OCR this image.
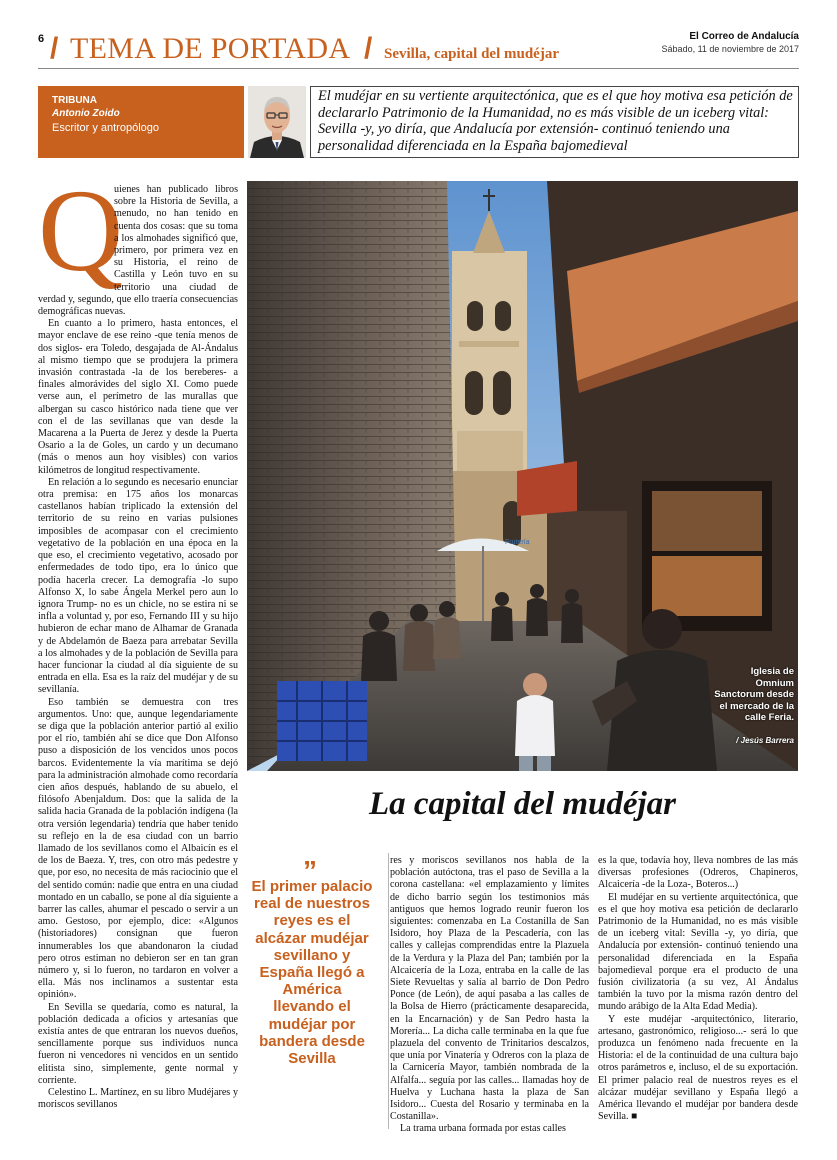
6 / TEMA DE PORTADA / Sevilla, capital del mudéjar
El Correo de Andalucía
Sábado, 11 de noviembre de 2017
TRIBUNA
Antonio Zoido
Escritor y antropólogo
El mudéjar en su vertiente arquitectónica, que es el que hoy motiva esa petición de declararlo Patrimonio de la Humanidad, no es más visible de un iceberg vital: Sevilla -y, yo diría, que Andalucía por extensión- continuó teniendo una personalidad diferenciada en la España bajomedieval
Q

uienes han publicado libros sobre la Historia de Sevilla, a menudo, no han tenido en cuenta dos cosas: que su toma a los almohades significó que, primero, por primera vez en su Historia, el reino de Castilla y León tuvo en su territorio una ciudad de verdad y, segundo, que ello traería consecuencias demográficas nuevas.

En cuanto a lo primero, hasta entonces, el mayor enclave de ese reino -que tenía menos de dos siglos- era Toledo, desgajada de Al-Ándalus al mismo tiempo que se produjera la primera invasión contrastada -la de los bereberes- a finales almorávides del siglo XI. Como puede verse aun, el perímetro de las murallas que albergan su casco histórico nada tiene que ver con el de las sevillanas que van desde la Macarena a la Puerta de Jerez y desde la Puerta Osario a la de Goles, un cardo y un decumano (más o menos aun hoy visibles) con varios kilómetros de longitud respectivamente.

En relación a lo segundo es necesario enunciar otra premisa: en 175 años los monarcas castellanos habían triplicado la extensión del territorio de su reino en varias pulsiones imposibles de acompasar con el crecimiento vegetativo de la población en una época en la que eso, el crecimiento vegetativo, acosado por enfermedades de todo tipo, era lo único que podía hacerla crecer. La demografía -lo supo Alfonso X, lo sabe Ángela Merkel pero aun lo ignora Trump- no es un chicle, no se estira ni se infla a voluntad y, por eso, Fernando III y su hijo hubieron de echar mano de Alhamar de Granada y de Abdelamón de Baeza para arrebatar Sevilla a los almohades y de la población de Sevilla para hacer funcionar la ciudad al día siguiente de su entrada en ella. Esa es la raíz del mudéjar y de su sevillanía.

Eso también se demuestra con tres argumentos. Uno: que, aunque legendariamente se diga que la población anterior partió al exilio por el río, también ahí se dice que Don Alfonso puso a disposición de los vencidos unos pocos barcos. Evidentemente la vía marítima se dejó para la administración almohade como recordaría cien años después, hablando de su abuelo, el filósofo Abenjaldum. Dos: que la salida de la salida hacia Granada de la población indígena (la otra versión legendaria) tendría que haber tenido su reflejo en la de esa ciudad con un barrio llamado de los sevillanos como el Albaicín es el de los de Baeza. Y, tres, con otro más pedestre y que, por eso, no necesita de más raciocinio que el del sentido común: nadie que entra en una ciudad montado en un caballo, se pone al día siguiente a barrer las calles, ahumar el pescado o servir a un amo. Gestoso, por ejemplo, dice: «Algunos (historiadores) consignan que fueron innumerables los que abandonaron la ciudad pero otros estiman no debieron ser en tan gran número y, si lo fueron, no tardaron en volver a ella. Más nos inclinamos a sustentar esta opinión».

En Sevilla se quedaría, como es natural, la población dedicada a oficios y artesanías que existía antes de que entraran los nuevos dueños, sencillamente porque sus individuos nunca fueron ni vencedores ni vencidos en un sentido elitista sino, simplemente, gente normal y corriente.

Celestino L. Martínez, en su libro Mudéjares y moriscos sevillanos

Frutería
Iglesia de Omnium Sanctorum desde el mercado de la calle Feria.
/ Jesús Barrera
La capital del mudéjar
”
El primer palacio real de nuestros reyes es el alcázar mudéjar sevillano y España llegó a América llevando el mudéjar por bandera desde Sevilla

res y moriscos sevillanos nos habla de la población autóctona, tras el paso de Sevilla a la corona castellana: «el emplazamiento y límites de dicho barrio según los testimonios más antiguos que hemos logrado reunir fueron los siguientes: comenzaba en La Costanilla de San Isidoro, hoy Plaza de la Pescadería, con las calles y callejas comprendidas entre la Plazuela de la Verdura y la Plaza del Pan; también por la Alcaicería de la Loza, entraba en la calle de las Siete Revueltas y salía al barrio de Don Pedro Ponce (de León), de aquí pasaba a las calles de la Bolsa de Hierro (prácticamente desaparecida, en la Encarnación) y de San Pedro hasta la Morería... La dicha calle terminaba en la que fue plazuela del convento de Trinitarios descalzos, que unía por Vinatería y Odreros con la plaza de la Carnicería Mayor, también nombrada de la Alfalfa... seguía por las calles... llamadas hoy de Huelva y Luchana hasta la plaza de San Isidoro... Cuesta del Rosario y terminaba en la Costanilla».

La trama urbana formada por estas calles

es la que, todavía hoy, lleva nombres de las más diversas profesiones (Odreros, Chapineros, Alcaicería -de la Loza-, Boteros...)

El mudéjar en su vertiente arquitectónica, que es el que hoy motiva esa petición de declararlo Patrimonio de la Humanidad, no es más visible de un iceberg vital: Sevilla -y, yo diría, que Andalucía por extensión- continuó teniendo una personalidad diferenciada en la España bajomedieval porque era el producto de una fusión civilizatoria (a su vez, Al Ándalus también la tuvo por la misma razón dentro del mundo arábigo de la Alta Edad Media).

Y este mudéjar -arquitectónico, literario, artesano, gastronómico, religioso...- será lo que produzca un fenómeno nada frecuente en la Historia: el de la continuidad de una cultura bajo otros parámetros e, incluso, el de su exportación. El primer palacio real de nuestros reyes es el alcázar mudéjar sevillano y España llegó a América llevando el mudéjar por bandera desde Sevilla. ■
